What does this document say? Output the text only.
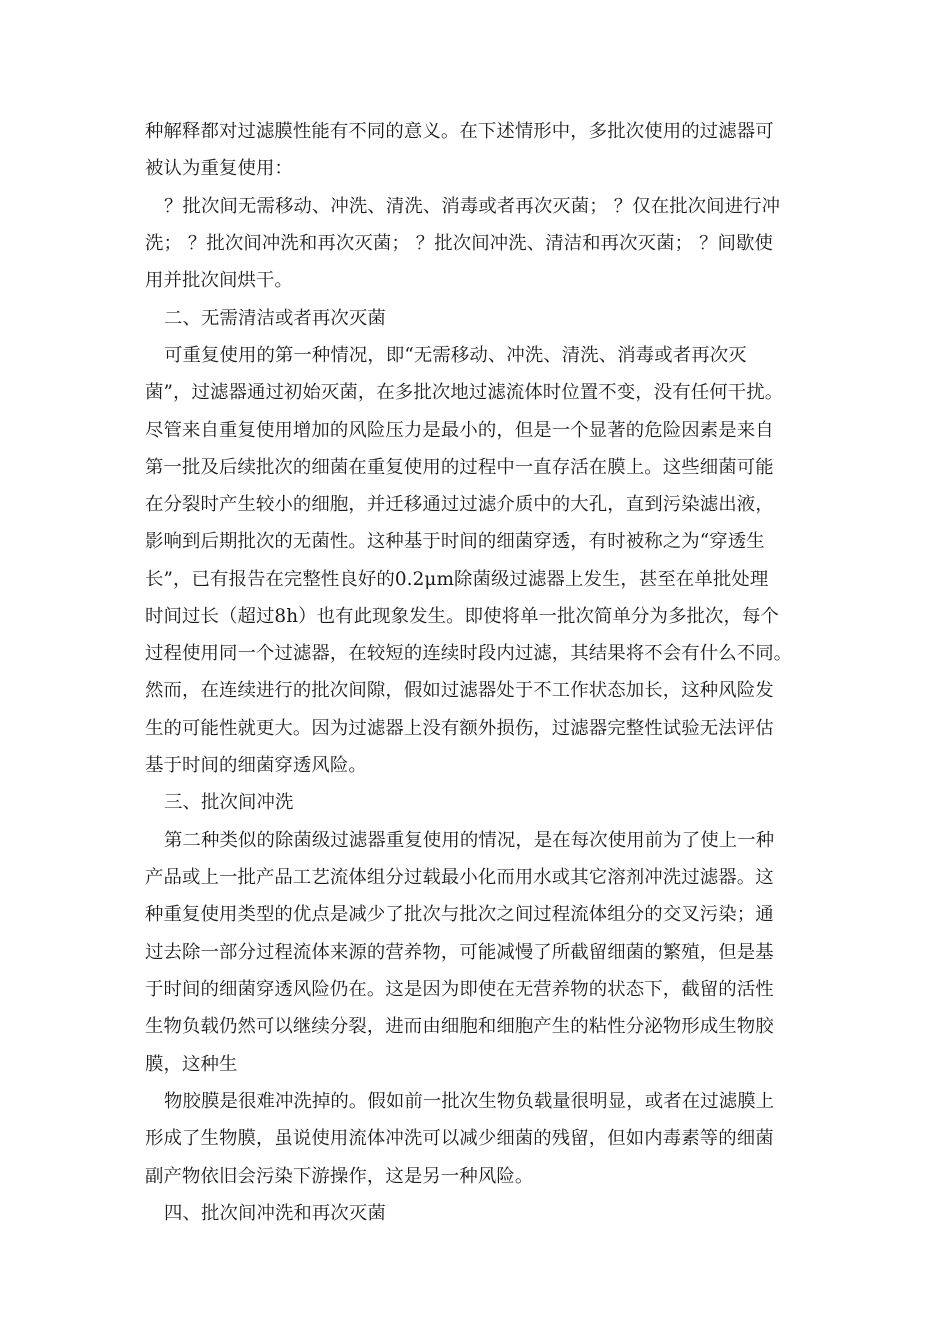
种解释都对过滤膜性能有不同的意义。在下述情形中，多批次使用的过滤器可
被认为重复使用：
？批次间无需移动、冲洗、清洗、消毒或者再次灭菌； ？仅在批次间进行冲
洗； ？批次间冲洗和再次灭菌； ？批次间冲洗、清洁和再次灭菌； ？间歇使
用并批次间烘干。
二、无需清洁或者再次灭菌
可重复使用的第一种情况，即“无需移动、冲洗、清洗、消毒或者再次灭
菌”，过滤器通过初始灭菌，在多批次地过滤流体时位置不变，没有任何干扰。
尽管来自重复使用增加的风险压力是最小的，但是一个显著的危险因素是来自
第一批及后续批次的细菌在重复使用的过程中一直存活在膜上。这些细菌可能
在分裂时产生较小的细胞，并迁移通过过滤介质中的大孔，直到污染滤出液，
影响到后期批次的无菌性。这种基于时间的细菌穿透，有时被称之为“穿透生
长”，已有报告在完整性良好的0.2μm除菌级过滤器上发生，甚至在单批处理
时间过长（超过8h）也有此现象发生。即使将单一批次简单分为多批次，每个
过程使用同一个过滤器，在较短的连续时段内过滤，其结果将不会有什么不同。
然而，在连续进行的批次间隙，假如过滤器处于不工作状态加长，这种风险发
生的可能性就更大。因为过滤器上没有额外损伤，过滤器完整性试验无法评估
基于时间的细菌穿透风险。
三、批次间冲洗
第二种类似的除菌级过滤器重复使用的情况，是在每次使用前为了使上一种
产品或上一批产品工艺流体组分过载最小化而用水或其它溶剂冲洗过滤器。这
种重复使用类型的优点是减少了批次与批次之间过程流体组分的交叉污染；通
过去除一部分过程流体来源的营养物，可能减慢了所截留细菌的繁殖，但是基
于时间的细菌穿透风险仍在。这是因为即使在无营养物的状态下，截留的活性
生物负载仍然可以继续分裂，进而由细胞和细胞产生的粘性分泌物形成生物胶
膜，这种生
物胶膜是很难冲洗掉的。假如前一批次生物负载量很明显，或者在过滤膜上
形成了生物膜，虽说使用流体冲洗可以减少细菌的残留，但如内毒素等的细菌
副产物依旧会污染下游操作，这是另一种风险。
四、批次间冲洗和再次灭菌
